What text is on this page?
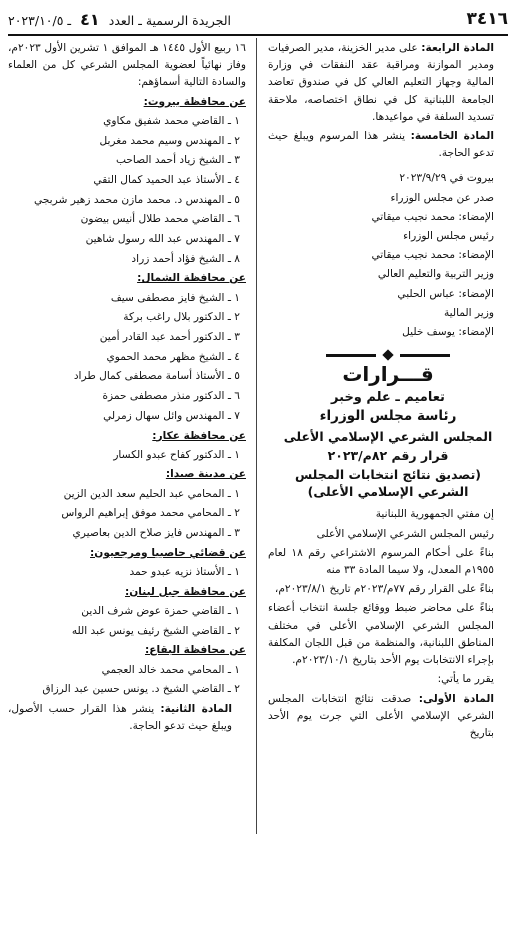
٣٤١٦
الجريدة الرسمية ـ العدد ٤١ ـ ٢٠٢٣/١٠/٥

المادة الرابعة: على مدير الخزينة، مدير الصرفيات ومدير الموازنة ومراقبة عقد النفقات في وزارة المالية وجهاز التعليم العالي كل في صندوق تعاضد الجامعة اللبنانية كل في نطاق اختصاصه، ملاحقة تسديد السلفة في مواعيدها.

المادة الخامسة: ينشر هذا المرسوم ويبلغ حيث تدعو الحاجة.

بيروت في ٢٠٢٣/٩/٢٩

صدر عن مجلس الوزراء

الإمضاء: محمد نجيب ميقاتي

رئيس مجلس الوزراء

الإمضاء: محمد نجيب ميقاتي

وزير التربية والتعليم العالي

الإمضاء: عباس الحلبي

وزير المالية

الإمضاء: يوسف خليل

قـــرارات

تعاميم ـ علم وخبر

رئاسة مجلس الوزراء

المجلس الشرعي الإسلامي الأعلى

قرار رقم ٨٢م/٢٠٢٣

(تصديق نتائج انتخابات المجلس الشرعي الإسلامي الأعلى)

إن مفتي الجمهورية اللبنانية

رئيس المجلس الشرعي الإسلامي الأعلى

بناءً على أحكام المرسوم الاشتراعي رقم ١٨ لعام ١٩٥٥م المعدل، ولا سيما المادة ٣٣ منه

بناءً على القرار رقم ٧٧م/٢٠٢٣م تاريخ ٢٠٢٣/٨/١م،

بناءً على محاضر ضبط ووقائع جلسة انتخاب أعضاء المجلس الشرعي الإسلامي الأعلى في مختلف المناطق اللبنانية، والمنظمة من قبل اللجان المكلفة بإجراء الانتخابات يوم الأحد بتاريخ ٢٠٢٣/١٠/١م.

يقرر ما يأتي:

المادة الأولى: صدقت نتائج انتخابات المجلس الشرعي الإسلامي الأعلى التي جرت يوم الأحد بتاريخ

١٦ ربيع الأول ١٤٤٥ هـ الموافق ١ تشرين الأول ٢٠٢٣م، وفاز نهائياً لعضوية المجلس الشرعي كل من العلماء والسادة التالية أسماؤهم:

عن محافظة بيروت:

١ ـ القاضي محمد شفيق مكاوي
٢ ـ المهندس وسيم محمد مغربل
٣ ـ الشيخ زياد أحمد الصاحب
٤ ـ الأستاذ عبد الحميد كمال التقي
٥ ـ المهندس د. محمد مازن محمد زهير شربجي
٦ ـ القاضي محمد طلال أنيس بيضون
٧ ـ المهندس عبد الله رسول شاهين
٨ ـ الشيخ فؤاد أحمد زراد

عن محافظة الشمال:

١ ـ الشيخ فايز مصطفى سيف
٢ ـ الدكتور بلال راغب بركة
٣ ـ الدكتور أحمد عبد القادر أمين
٤ ـ الشيخ مظهر محمد الحموي
٥ ـ الأستاذ أسامة مصطفى كمال طراد
٦ ـ الدكتور منذر مصطفى حمزة
٧ ـ المهندس وائل سهال زمرلي

عن محافظة عكار:

١ ـ الدكتور كفاح عبدو الكسار

عن مدينة صيدا:

١ ـ المحامي عبد الحليم سعد الدين الزين
٢ ـ المحامي محمد موفق إبراهيم الرواس
٣ ـ المهندس فايز صلاح الدين بعاصيري

عن قضائي حاصبيا ومرجعيون:

١ ـ الأستاذ نزيه عبدو حمد

عن محافظة جبل لبنان:

١ ـ القاضي حمزة عوض شرف الدين
٢ ـ القاضي الشيخ رئيف يونس عبد الله

عن محافظة البقاع:

١ ـ المحامي محمد خالد العجمي
٢ ـ القاضي الشيخ د. يونس حسين عبد الرزاق

المادة الثانية: ينشر هذا القرار حسب الأصول، ويبلغ حيث تدعو الحاجة.
